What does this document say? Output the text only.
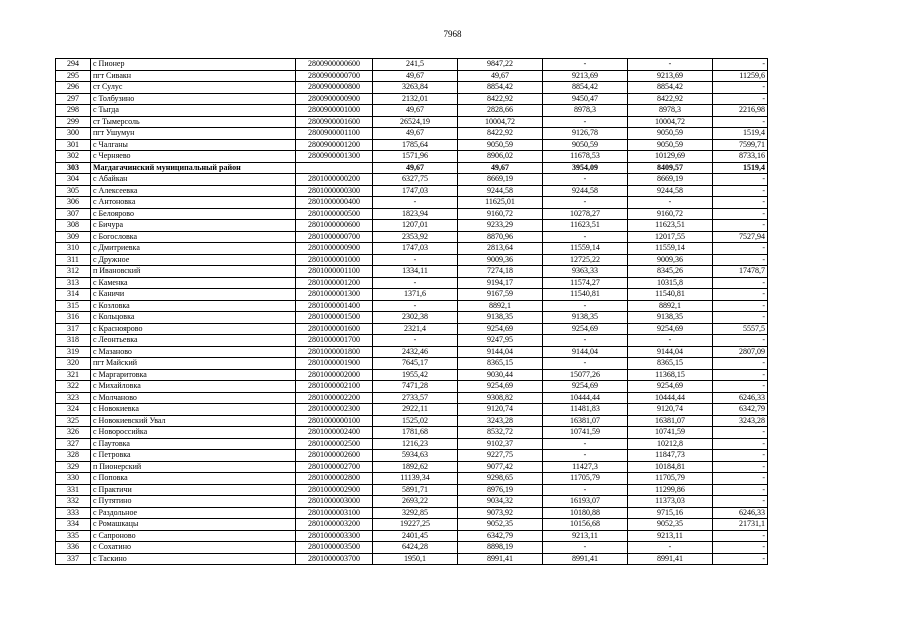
7968
294	с Пионер	2800900000600	241,5	9847,22	-	-	-
295	пгт Сивакн	2800900000700	49,67	49,67	9213,69	9213,69	11259,6
296	ст Сулус	2800900000800	3263,84	8854,42	8854,42	8854,42	-
297	с Толбузино	2800900000900	2132,01	8422,92	9450,47	8422,92	-
298	с Тыгда	2800900001000	49,67	2828,66	8978,3	8978,3	2216,98
299	ст Тымерсоль	2800900001600	26524,19	10004,72	-	10004,72	-
300	пгт Ушумун	2800900001100	49,67	8422,92	9126,78	9050,59	1519,4
301	с Чалганы	2800900001200	1785,64	9050,59	9050,59	9050,59	7599,71
302	с Черняево	2800900001300	1571,96	8906,02	11678,53	10129,69	8733,16
303	Магдагачинский муниципальный район		49,67	49,67	3954,09	8409,57	1519,4
304	с Абайкан	2801000000200	6327,75	8669,19	-	8669,19	-
305	с Алексеевка	2801000000300	1747,03	9244,58	9244,58	9244,58	-
306	с Антоновка	2801000000400	-	11625,01	-	-	-
307	с Белоярово	2801000000500	1823,94	9160,72	10278,27	9160,72	-
308	с Бичура	2801000000600	1207,01	9233,29	11623,51	11623,51	-
309	с Богословка	2801000000700	2353,92	8870,96	-	12017,55	7527,94
310	с Дмитриевка	2801000000900	1747,03	2813,64	11559,14	11559,14	-
311	с Дружное	2801000001000	-	9009,36	12725,22	9009,36	-
312	п Ивановский	2801000001100	1334,11	7274,18	9363,33	8345,26	17478,7
313	с Каменка	2801000001200	-	9194,17	11574,27	10315,8	-
314	с Каничи	2801000001300	1371,6	9167,59	11540,81	11540,81	-
315	с Козловка	2801000001400	-	8892,1	-	8892,1	-
316	с Кольцовка	2801000001500	2302,38	9138,35	9138,35	9138,35	-
317	с Красноярово	2801000001600	2321,4	9254,69	9254,69	9254,69	5557,5
318	с Леонтьевка	2801000001700	-	9247,95	-	-	-
319	с Мазаново	2801000001800	2432,46	9144,04	9144,04	9144,04	2807,09
320	пгт Майский	2801000001900	7645,17	8365,15	-	8365,15	-
321	с Маргаритовка	2801000002000	1955,42	9030,44	15077,26	11368,15	-
322	с Михайловка	2801000002100	7471,28	9254,69	9254,69	9254,69	-
323	с Молчаново	2801000002200	2733,57	9308,82	10444,44	10444,44	6246,33
324	с Новокиевка	2801000002300	2922,11	9120,74	11481,83	9120,74	6342,79
325	с Новокиевский Увал	2801000000100	1525,02	3243,28	16381,07	16381,07	3243,28
326	с Новороссийка	2801000002400	1781,68	8532,72	10741,59	10741,59	-
327	с Паутовка	2801000002500	1216,23	9102,37	-	10212,8	-
328	с Петровка	2801000002600	5934,63	9227,75	-	11847,73	-
329	п Пионерский	2801000002700	1892,62	9077,42	11427,3	10184,81	-
330	с Поповка	2801000002800	11139,34	9298,65	11705,79	11705,79	-
331	с Практичи	2801000002900	5891,71	8976,19	-	11299,86	-
332	с Путятино	2801000003000	2693,22	9034,32	16193,07	11373,03	-
333	с Раздольное	2801000003100	3292,85	9073,92	10180,88	9715,16	6246,33
334	с Ромашкацы	2801000003200	19227,25	9052,35	10156,68	9052,35	21731,1
335	с Сапроново	2801000003300	2401,45	6342,79	9213,11	9213,11	-
336	с Сохатино	2801000003500	6424,28	8898,19	-	-	-
337	с Таскино	2801000003700	1950,1	8991,41	8991,41	8991,41	-
